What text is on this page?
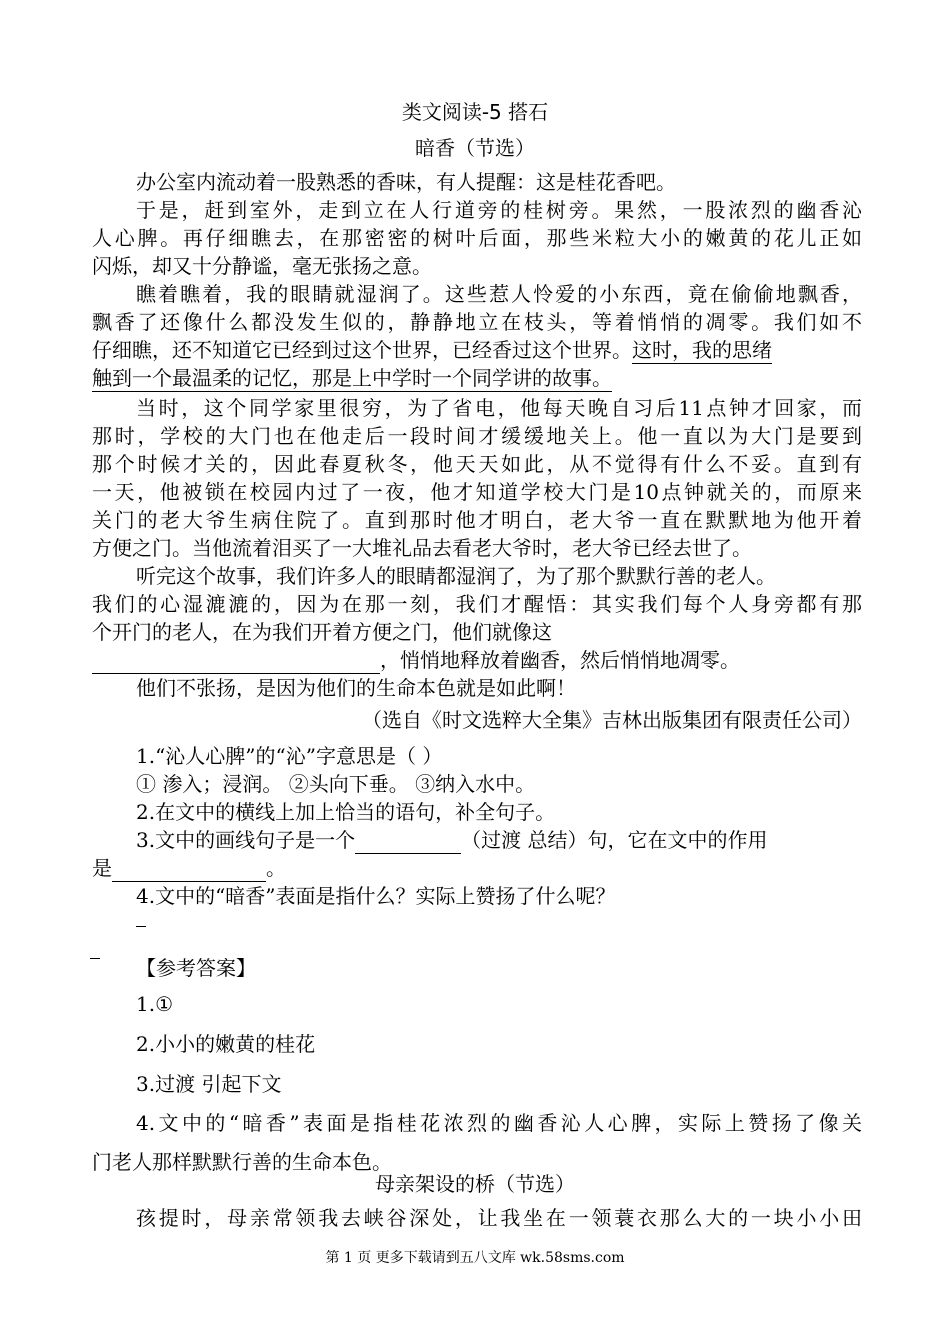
类文阅读-5 搭石
暗香（节选）
办公室内流动着一股熟悉的香味，有人提醒：这是桂花香吧。
于是，赶到室外，走到立在人行道旁的桂树旁。果然，一股浓烈的幽香沁
人心脾。再仔细瞧去，在那密密的树叶后面，那些米粒大小的嫩黄的花儿正如
闪烁，却又十分静谧，毫无张扬之意。
瞧着瞧着，我的眼睛就湿润了。这些惹人怜爱的小东西，竟在偷偷地飘香，
飘香了还像什么都没发生似的，静静地立在枝头，等着悄悄的凋零。我们如不
仔细瞧，还不知道它已经到过这个世界，已经香过这个世界。这时，我的思绪
触到一个最温柔的记忆，那是上中学时一个同学讲的故事。
当时，这个同学家里很穷，为了省电，他每天晚自习后11点钟才回家，而
那时，学校的大门也在他走后一段时间才缓缓地关上。他一直以为大门是要到
那个时候才关的，因此春夏秋冬，他天天如此，从不觉得有什么不妥。直到有
一天，他被锁在校园内过了一夜，他才知道学校大门是10点钟就关的，而原来
关门的老大爷生病住院了。直到那时他才明白，老大爷一直在默默地为他开着
方便之门。当他流着泪买了一大堆礼品去看老大爷时，老大爷已经去世了。
听完这个故事，我们许多人的眼睛都湿润了，为了那个默默行善的老人。
我们的心湿漉漉的，因为在那一刻，我们才醒悟：其实我们每个人身旁都有那
个开门的老人，在为我们开着方便之门，他们就像这
，悄悄地释放着幽香，然后悄悄地凋零。
他们不张扬，是因为他们的生命本色就是如此啊！
（选自《时文选粹大全集》吉林出版集团有限责任公司）
1.“沁人心脾”的“沁”字意思是（ ）
① 渗入；浸润。 ②头向下垂。 ③纳入水中。
2.在文中的横线上加上恰当的语句，补全句子。
3.文中的画线句子是一个	（过渡 总结）句，它在文中的作用
是	。
4.文中的“暗香”表面是指什么？实际上赞扬了什么呢？
【参考答案】
1.①
2.小小的嫩黄的桂花
3.过渡 引起下文
4.文中的“暗香”表面是指桂花浓烈的幽香沁人心脾，实际上赞扬了像关
门老人那样默默行善的生命本色。
母亲架设的桥（节选）
孩提时，母亲常领我去峡谷深处，让我坐在一领蓑衣那么大的一块小小田
第 1 页 更多下载请到五八文库 wk.58sms.com
